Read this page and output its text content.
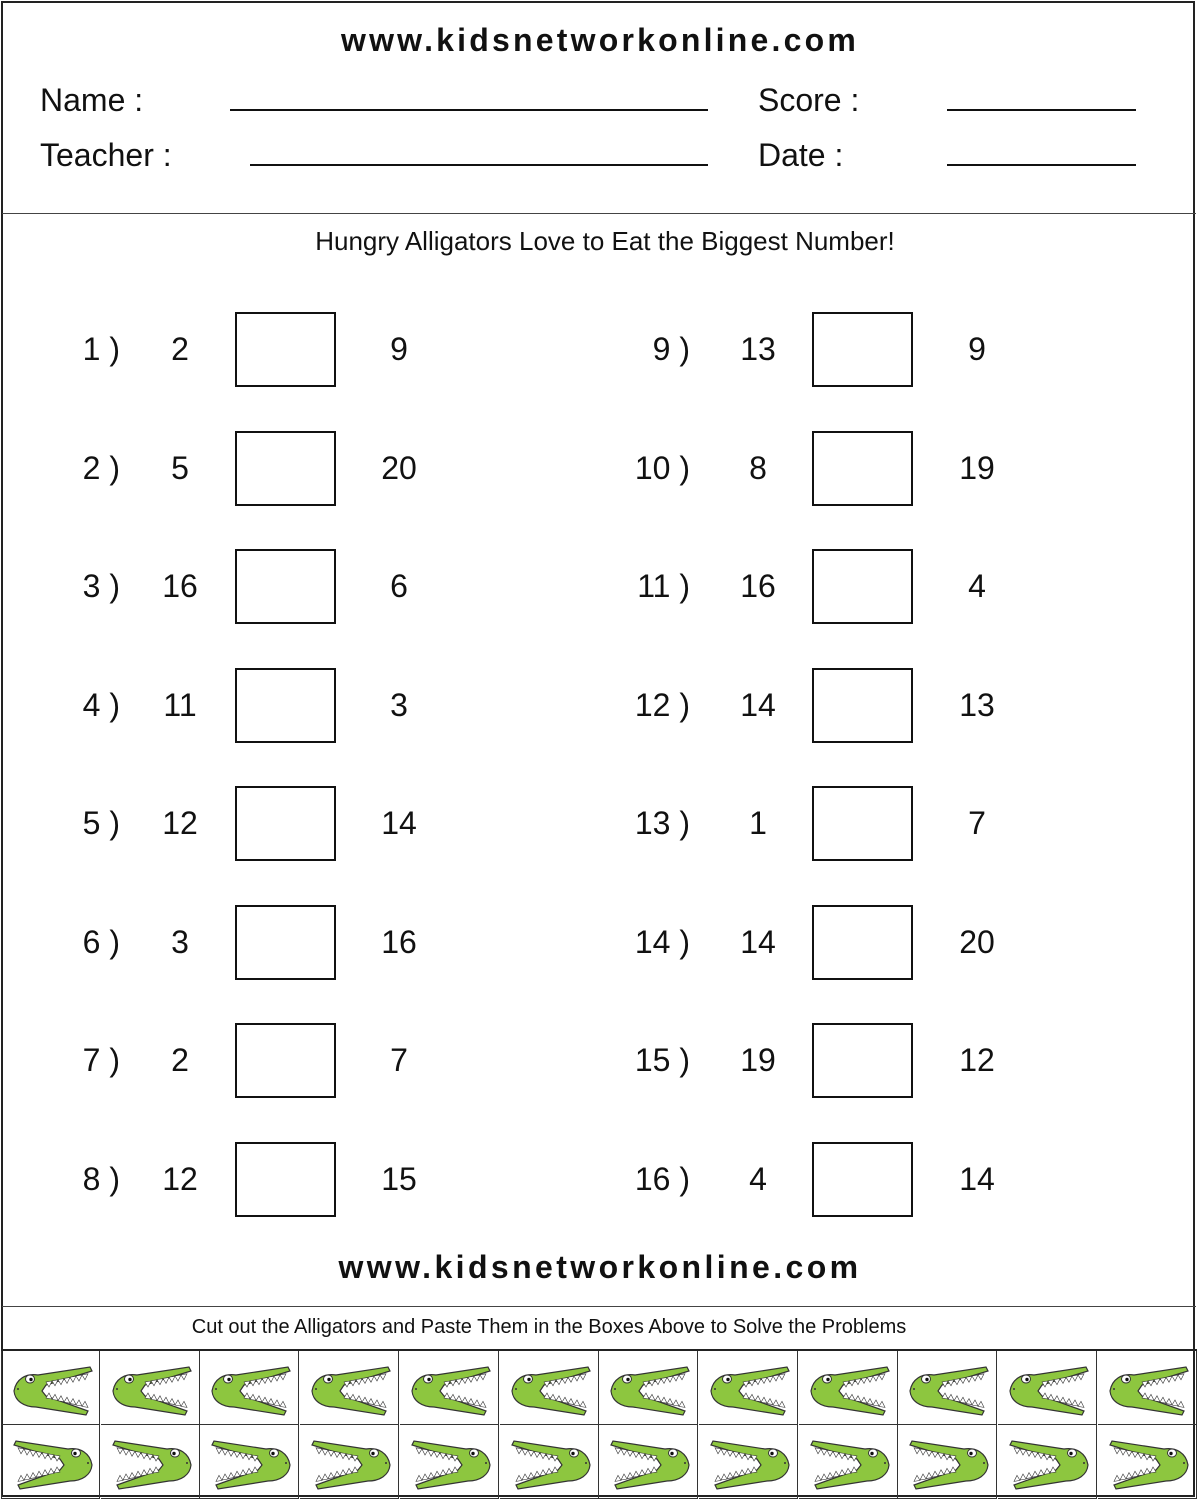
www.kidsnetworkonline.com
Name :
Teacher :
Score :
Date :
Hungry Alligators Love to Eat the Biggest Number!
1 )	2	9
2 )	5	20
3 )	16	6
4 )	11	3
5 )	12	14
6 )	3	16
7 )	2	7
8 )	12	15
9 )	13	9
10 )	8	19
11 )	16	4
12 )	14	13
13 )	1	7
14 )	14	20
15 )	19	12
16 )	4	14
www.kidsnetworkonline.com
Cut out the Alligators and Paste Them in the Boxes Above to Solve the Problems
